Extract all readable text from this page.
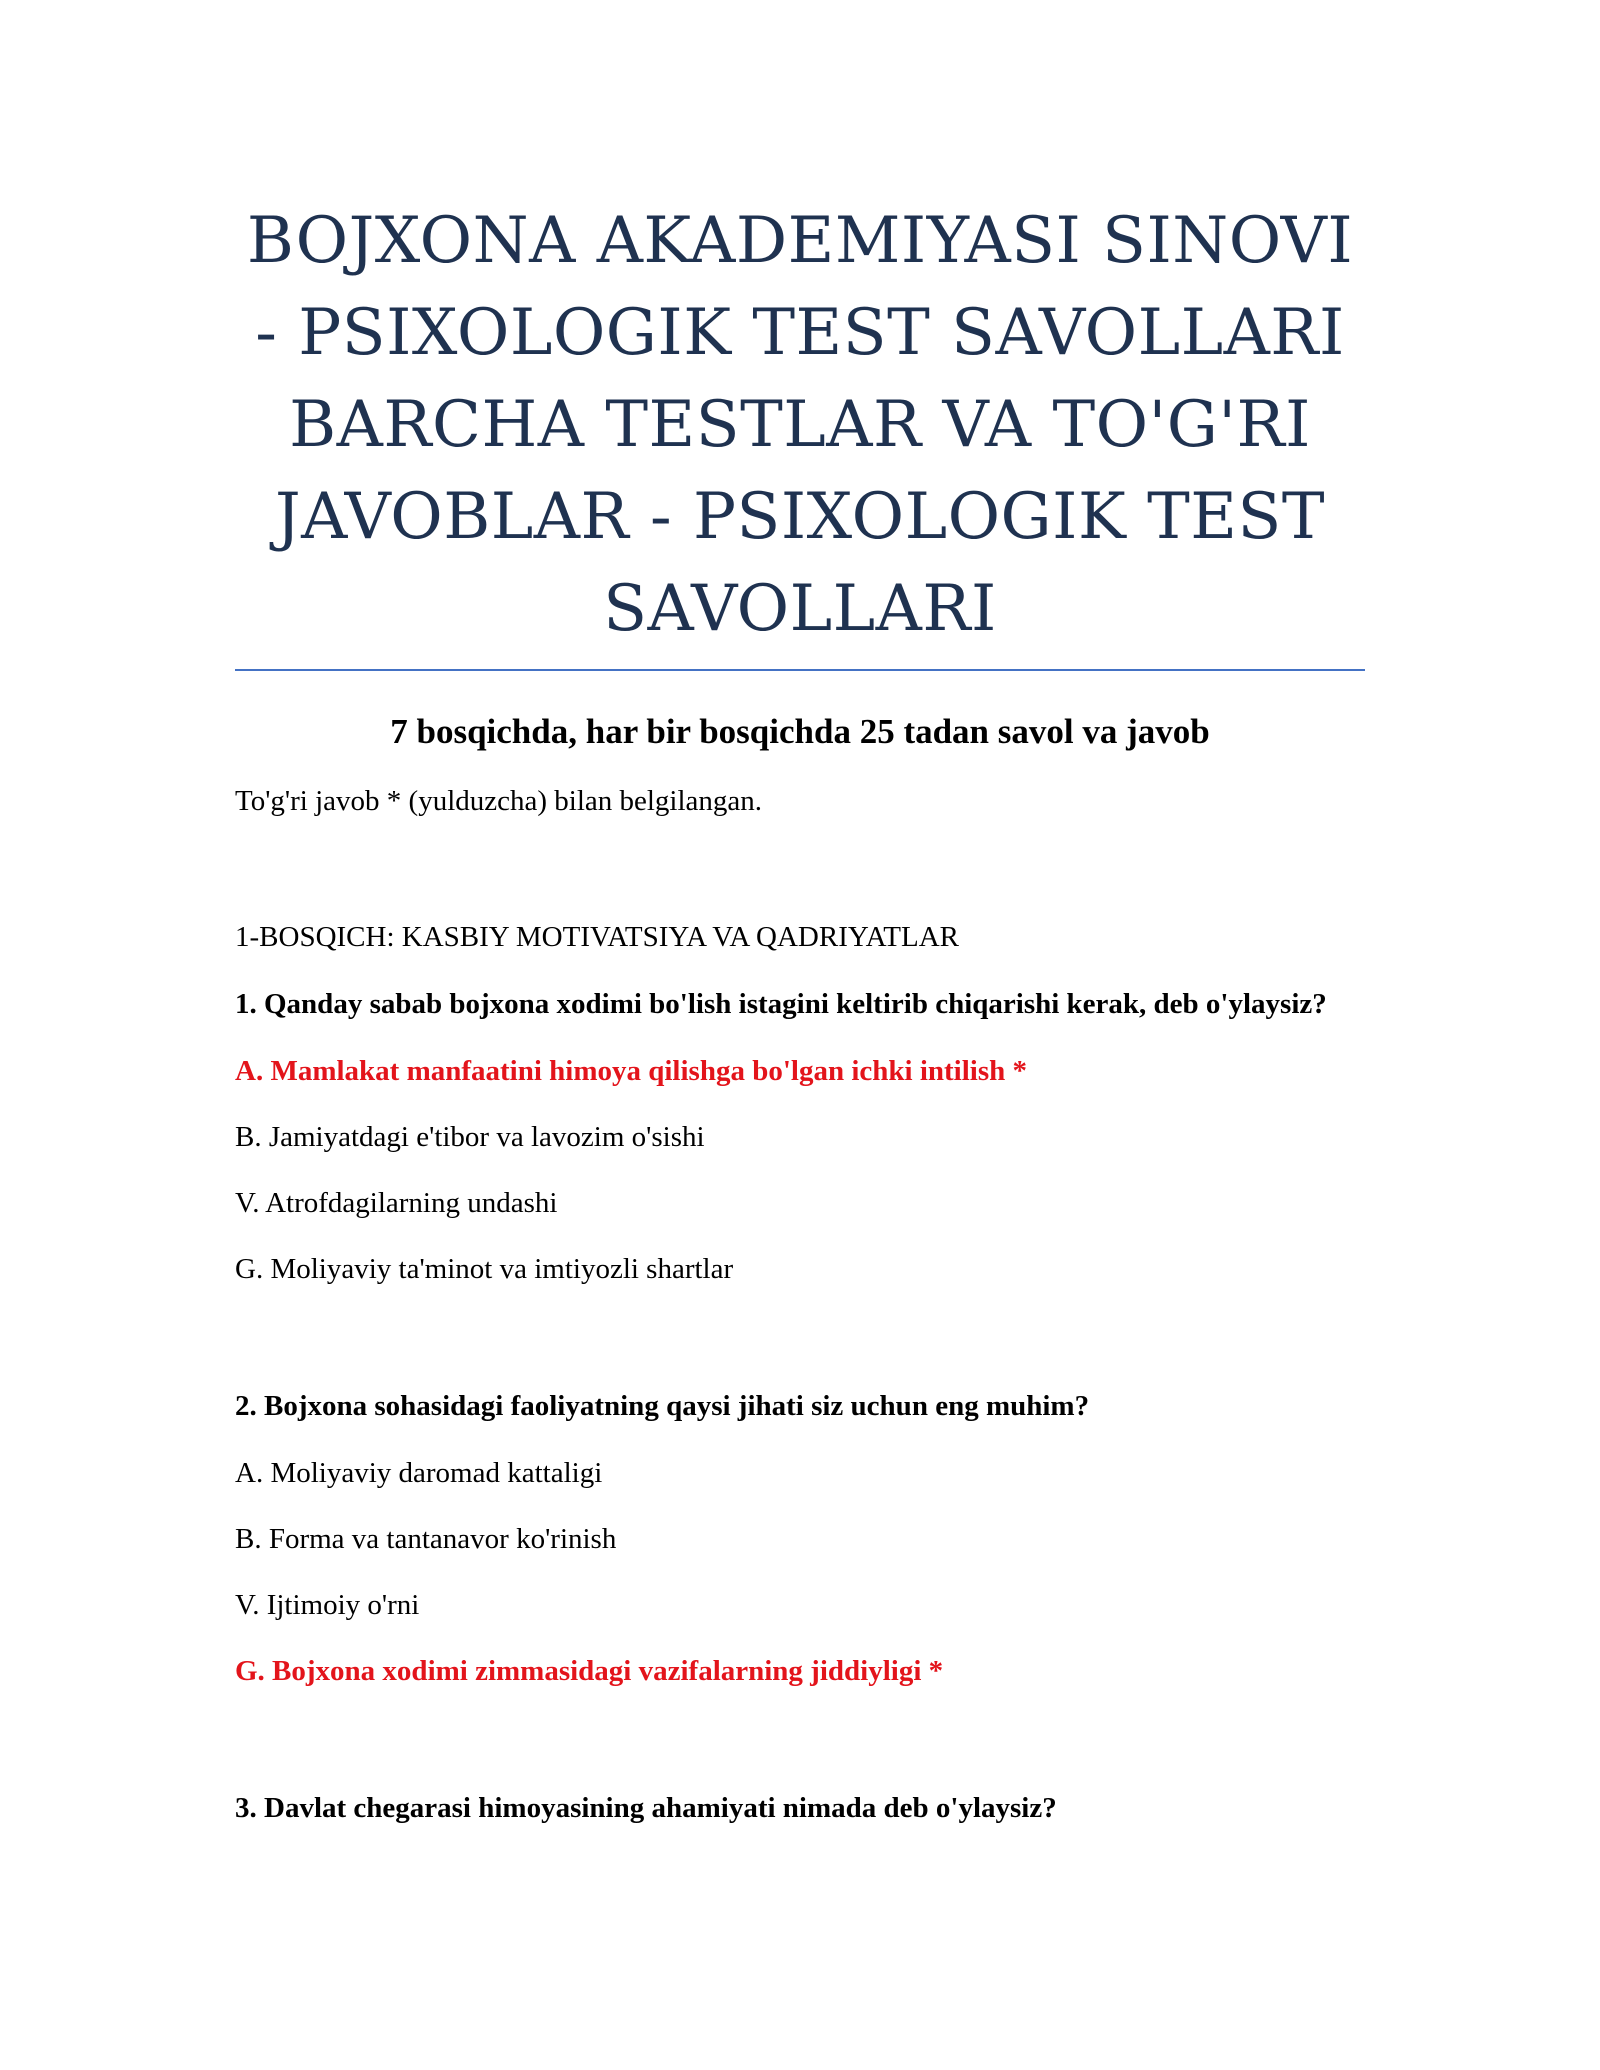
BOJXONA AKADEMIYASI SINOVI - PSIXOLOGIK TEST SAVOLLARI BARCHA TESTLAR VA TO'G'RI JAVOBLAR - PSIXOLOGIK TEST SAVOLLARI
7 bosqichda, har bir bosqichda 25 tadan savol va javob
To'g'ri javob * (yulduzcha) bilan belgilangan.
1-BOSQICH: KASBIY MOTIVATSIYA VA QADRIYATLAR
1. Qanday sabab bojxona xodimi bo'lish istagini keltirib chiqarishi kerak, deb o'ylaysiz?
A. Mamlakat manfaatini himoya qilishga bo'lgan ichki intilish *
B. Jamiyatdagi e'tibor va lavozim o'sishi
V. Atrofdagilarning undashi
G. Moliyaviy ta'minot va imtiyozli shartlar
2. Bojxona sohasidagi faoliyatning qaysi jihati siz uchun eng muhim?
A. Moliyaviy daromad kattaligi
B. Forma va tantanavor ko'rinish
V. Ijtimoiy o'rni
G. Bojxona xodimi zimmasidagi vazifalarning jiddiyligi *
3. Davlat chegarasi himoyasining ahamiyati nimada deb o'ylaysiz?
